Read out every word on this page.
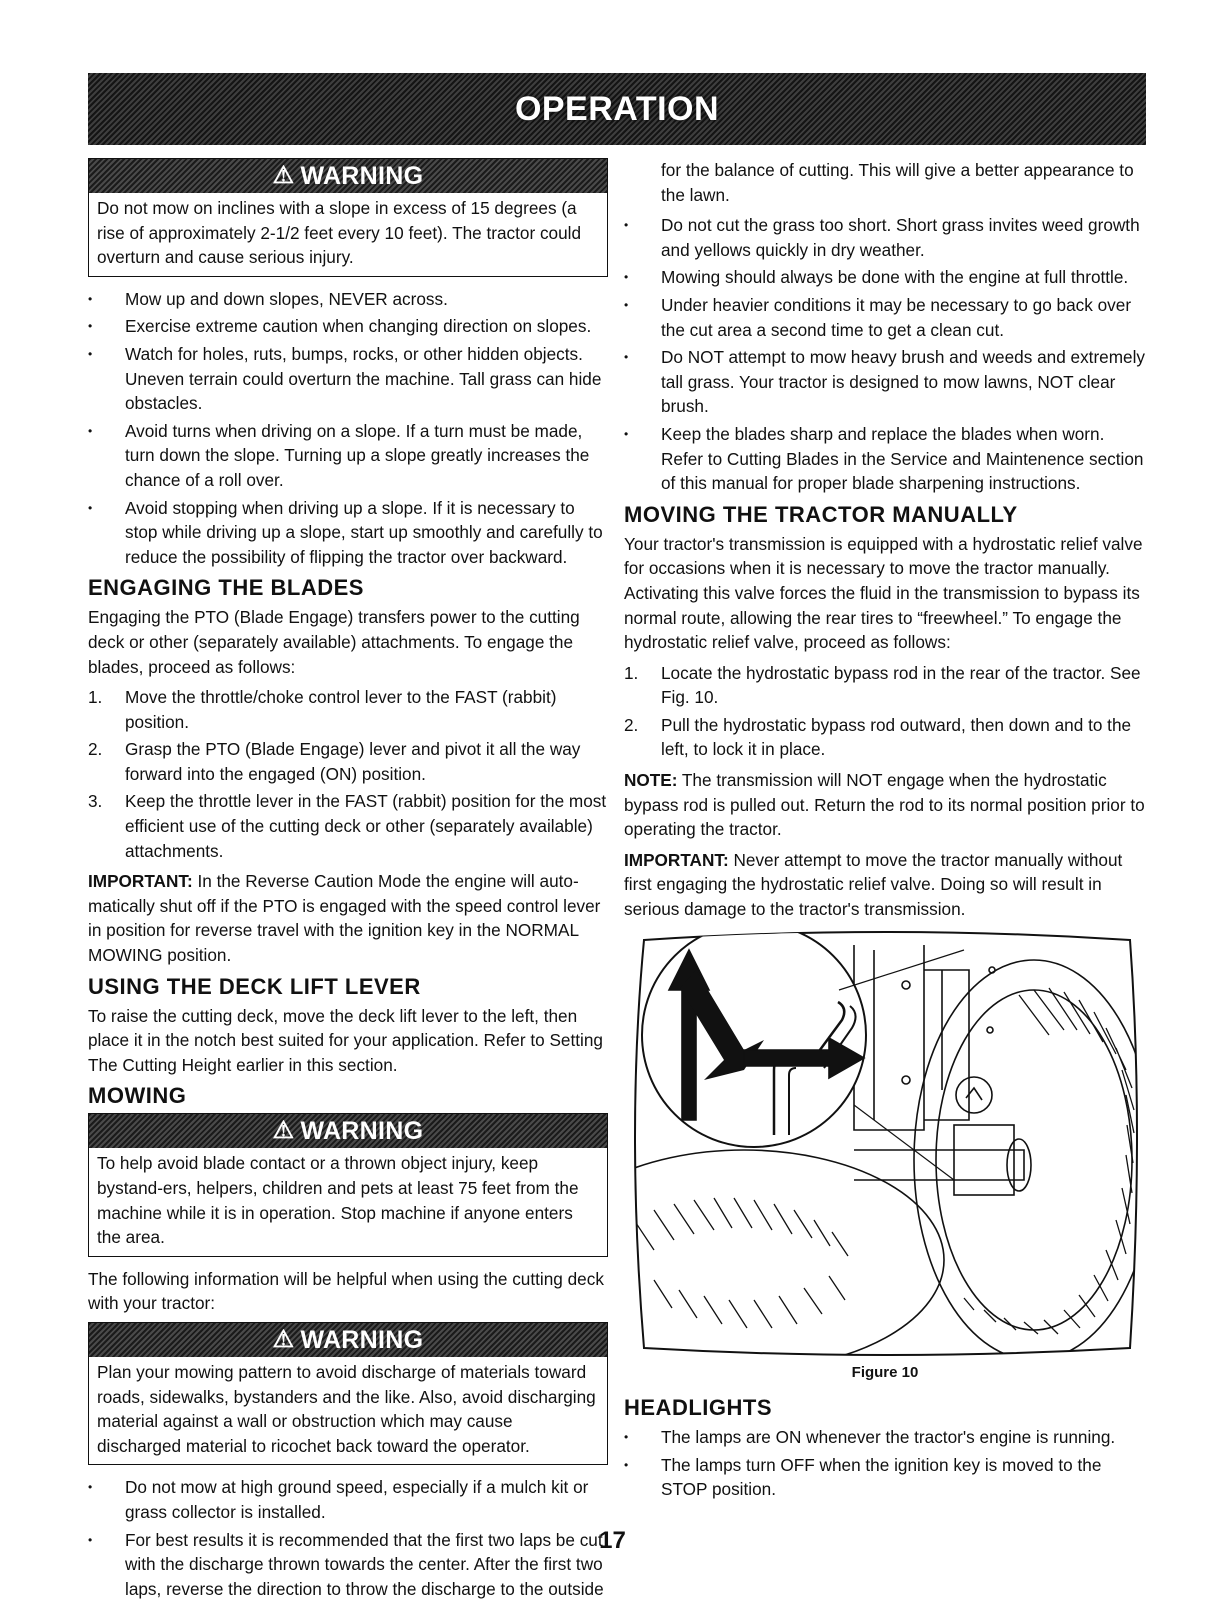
OPERATION
⚠ WARNING
Do not mow on inclines with a slope in excess of 15 degrees (a rise of approximately 2-1/2 feet every 10 feet). The tractor could overturn and cause serious injury.
• Mow up and down slopes, NEVER across.
• Exercise extreme caution when changing direction on slopes.
• Watch for holes, ruts, bumps, rocks, or other hidden objects. Uneven terrain could overturn the machine. Tall grass can hide obstacles.
• Avoid turns when driving on a slope. If a turn must be made, turn down the slope. Turning up a slope greatly increases the chance of a roll over.
• Avoid stopping when driving up a slope. If it is necessary to stop while driving up a slope, start up smoothly and carefully to reduce the possibility of flipping the tractor over backward.
ENGAGING THE BLADES

Engaging the PTO (Blade Engage) transfers power to the cutting deck or other (separately available) attachments. To engage the blades, proceed as follows:

1. Move the throttle/choke control lever to the FAST (rabbit) position.
2. Grasp the PTO (Blade Engage) lever and pivot it all the way forward into the engaged (ON) position.
3. Keep the throttle lever in the FAST (rabbit) position for the most efficient use of the cutting deck or other (separately available) attachments.

IMPORTANT: In the Reverse Caution Mode the engine will auto-matically shut off if the PTO is engaged with the speed control lever in position for reverse travel with the ignition key in the NORMAL MOWING position.

USING THE DECK LIFT LEVER

To raise the cutting deck, move the deck lift lever to the left, then place it in the notch best suited for your application. Refer to Setting The Cutting Height earlier in this section.

MOWING
⚠ WARNING
To help avoid blade contact or a thrown object injury, keep bystand-ers, helpers, children and pets at least 75 feet from the machine while it is in operation. Stop machine if anyone enters the area.

The following information will be helpful when using the cutting deck with your tractor:

⚠ WARNING
Plan your mowing pattern to avoid discharge of materials toward roads, sidewalks, bystanders and the like. Also, avoid discharging material against a wall or obstruction which may cause discharged material to ricochet back toward the operator.
• Do not mow at high ground speed, especially if a mulch kit or grass collector is installed.
• For best results it is recommended that the first two laps be cut with the discharge thrown towards the center. After the first two laps, reverse the direction to throw the discharge to the outside

for the balance of cutting. This will give a better appearance to the lawn.

• Do not cut the grass too short. Short grass invites weed growth and yellows quickly in dry weather.
• Mowing should always be done with the engine at full throttle.
• Under heavier conditions it may be necessary to go back over the cut area a second time to get a clean cut.
• Do NOT attempt to mow heavy brush and weeds and extremely tall grass. Your tractor is designed to mow lawns, NOT clear brush.
• Keep the blades sharp and replace the blades when worn. Refer to Cutting Blades in the Service and Maintenence section of this manual for proper blade sharpening instructions.
MOVING THE TRACTOR MANUALLY

Your tractor's transmission is equipped with a hydrostatic relief valve for occasions when it is necessary to move the tractor manually. Activating this valve forces the fluid in the transmission to bypass its normal route, allowing the rear tires to “freewheel.” To engage the hydrostatic relief valve, proceed as follows:

1. Locate the hydrostatic bypass rod in the rear of the tractor. See Fig. 10.
2. Pull the hydrostatic bypass rod outward, then down and to the left, to lock it in place.

NOTE: The transmission will NOT engage when the hydrostatic bypass rod is pulled out. Return the rod to its normal position prior to operating the tractor.

IMPORTANT: Never attempt to move the tractor manually without first engaging the hydrostatic relief valve. Doing so will result in serious damage to the tractor's transmission.

Figure 10
HEADLIGHTS
• The lamps are ON whenever the tractor's engine is running.
• The lamps turn OFF when the ignition key is moved to the STOP position.
17
